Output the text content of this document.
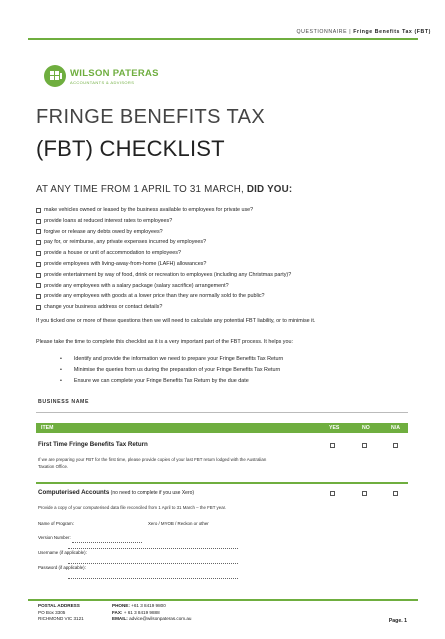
QUESTIONNAIRE | Fringe Benefits Tax (FBT)
WILSON PATERAS
ACCOUNTANTS & ADVISORS
FRINGE BENEFITS TAX
(FBT) CHECKLIST
AT ANY TIME FROM 1 APRIL TO 31 MARCH, DID YOU:
make vehicles owned or leased by the business available to employees for private use?
provide loans at reduced interest rates to employees?
forgive or release any debts owed by employees?
pay for, or reimburse, any private expenses incurred by employees?
provide a house or unit of accommodation to employees?
provide employees with living-away-from-home (LAFH) allowances?
provide entertainment by way of food, drink or recreation to employees (including any Christmas party)?
provide any employees with a salary package (salary sacrifice) arrangement?
provide any employees with goods at a lower price than they are normally sold to the public?
change your business address or contact details?
If you ticked one or more of these questions then we will need to calculate any potential FBT liability, or to minimise it.
Please take the time to complete this checklist as it is a very important part of the FBT process. It helps you:
• Identify and provide the information we need to prepare your Fringe Benefits Tax Return
• Minimise the queries from us during the preparation of your Fringe Benefits Tax Return
• Ensure we can complete your Fringe Benefits Tax Return by the due date
BUSINESS NAME
ITEM	YES	NO	N/A
First Time Fringe Benefits Tax Return
If we are preparing your FBT for the first time, please provide copies of your last FBT return lodged with the Australian Taxation Office.
Computerised Accounts (no need to complete if you use Xero)
Provide a copy of your computerised data file reconciled from 1 April to 31 March – the FBT year.
Name of Program:	Xero / MYOB / Reckon or other
Version Number:
Username (if applicable):
Password (if applicable):
POSTAL ADDRESS
PO Box 3305
RICHMOND VIC 3121
PHONE: +61 3 8419 9800
FAX: + 61 3 8419 9888
EMAIL: advice@wilsonpateras.com.au	Page. 1
